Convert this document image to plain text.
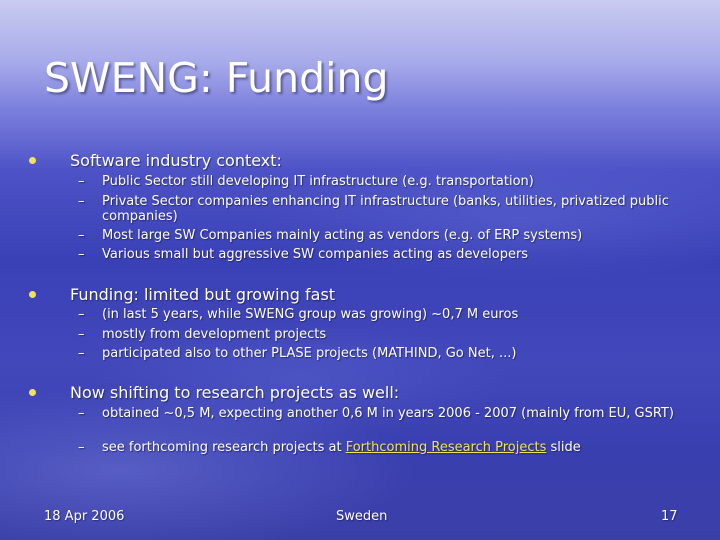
SWENG: Funding
Software industry context:
– Public Sector still developing IT infrastructure (e.g. transportation)
– Private Sector companies enhancing IT infrastructure (banks, utilities, privatized public companies)
– Most large SW Companies mainly acting as vendors (e.g. of ERP systems)
– Various small but aggressive SW companies acting as developers
Funding: limited but growing fast
– (in last 5 years, while SWENG group was growing) ~0,7 M euros
– mostly from development projects
– participated also to other PLASE projects (MATHIND, Go Net, ...)
Now shifting to research projects as well:
– obtained ~0,5 M, expecting another 0,6 M in years 2006 - 2007 (mainly from EU, GSRT)
– see forthcoming research projects at Forthcoming Research Projects slide
18 Apr 2006	Sweden	17
